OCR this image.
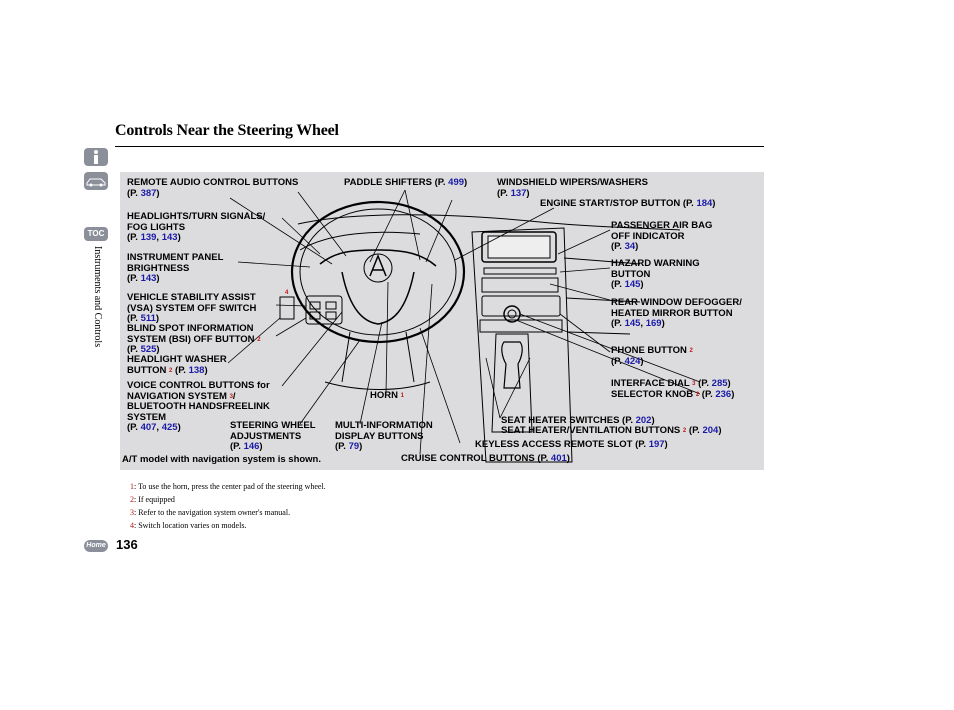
Controls Near the Steering Wheel
TOC
Instruments and Controls
REMOTE AUDIO CONTROL BUTTONS
(P. 387)
PADDLE SHIFTERS (P. 499)	WINDSHIELD WIPERS/WASHERS
(P. 137)
ENGINE START/STOP BUTTON (P. 184)
HEADLIGHTS/TURN SIGNALS/
FOG LIGHTS
(P. 139, 143)
PASSENGER AIR BAG
OFF INDICATOR
(P. 34)
INSTRUMENT PANEL
BRIGHTNESS
(P. 143)
HAZARD WARNING
BUTTON
(P. 145)
VEHICLE STABILITY ASSIST
(VSA) SYSTEM OFF SWITCH
(P. 511)
$^4$
REAR WINDOW DEFOGGER/
HEATED MIRROR BUTTON
(P. 145, 169)
BLIND SPOT INFORMATION
SYSTEM (BSI) OFF BUTTON $^2$
(P. 525)	PHONE BUTTON $^2$
(P. 424)
HEADLIGHT WASHER
BUTTON $^2$ (P. 138)
INTERFACE DIAL $^3$ (P. 285)
SELECTOR KNOB $^2$ (P. 236)
VOICE CONTROL BUTTONS for
NAVIGATION SYSTEM $^3$/
BLUETOOTH HANDSFREELINK
SYSTEM
(P. 407, 425)
HORN $^1$
SEAT HEATER SWITCHES (P. 202)
SEAT HEATER/VENTILATION BUTTONS $^2$ (P. 204)
STEERING WHEEL
ADJUSTMENTS
(P. 146)
MULTI-INFORMATION
DISPLAY BUTTONS
(P. 79)	KEYLESS ACCESS REMOTE SLOT (P. 197)
A/T model with navigation system is shown.	CRUISE CONTROL BUTTONS (P. 401)
1: To use the horn, press the center pad of the steering wheel.
2: If equipped
3: Refer to the navigation system owner's manual.
4: Switch location varies on models.
Home 136
